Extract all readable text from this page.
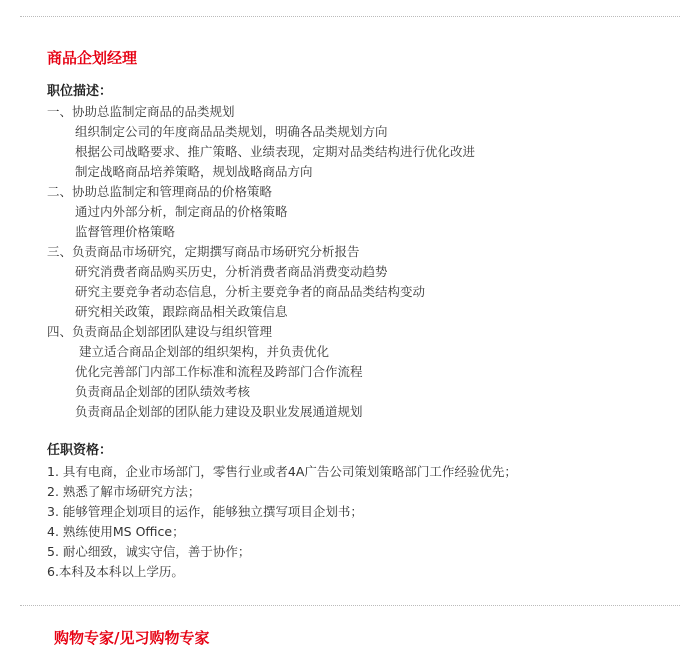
商品企划经理
职位描述：
一、协助总监制定商品的品类规划
组织制定公司的年度商品品类规划，明确各品类规划方向
根据公司战略要求、推广策略、业绩表现，定期对品类结构进行优化改进
制定战略商品培养策略，规划战略商品方向
二、协助总监制定和管理商品的价格策略
通过内外部分析，制定商品的价格策略
监督管理价格策略
三、负责商品市场研究，定期撰写商品市场研究分析报告
研究消费者商品购买历史，分析消费者商品消费变动趋势
研究主要竞争者动态信息，分析主要竞争者的商品品类结构变动
研究相关政策，跟踪商品相关政策信息
四、负责商品企划部团队建设与组织管理
建立适合商品企划部的组织架构，并负责优化
优化完善部门内部工作标准和流程及跨部门合作流程
负责商品企划部的团队绩效考核
负责商品企划部的团队能力建设及职业发展通道规划
任职资格：
1. 具有电商，企业市场部门，零售行业或者4A广告公司策划策略部门工作经验优先；
2. 熟悉了解市场研究方法；
3. 能够管理企划项目的运作，能够独立撰写项目企划书；
4. 熟练使用MS Office；
5. 耐心细致，诚实守信，善于协作；
6.本科及本科以上学历。
购物专家/见习购物专家
